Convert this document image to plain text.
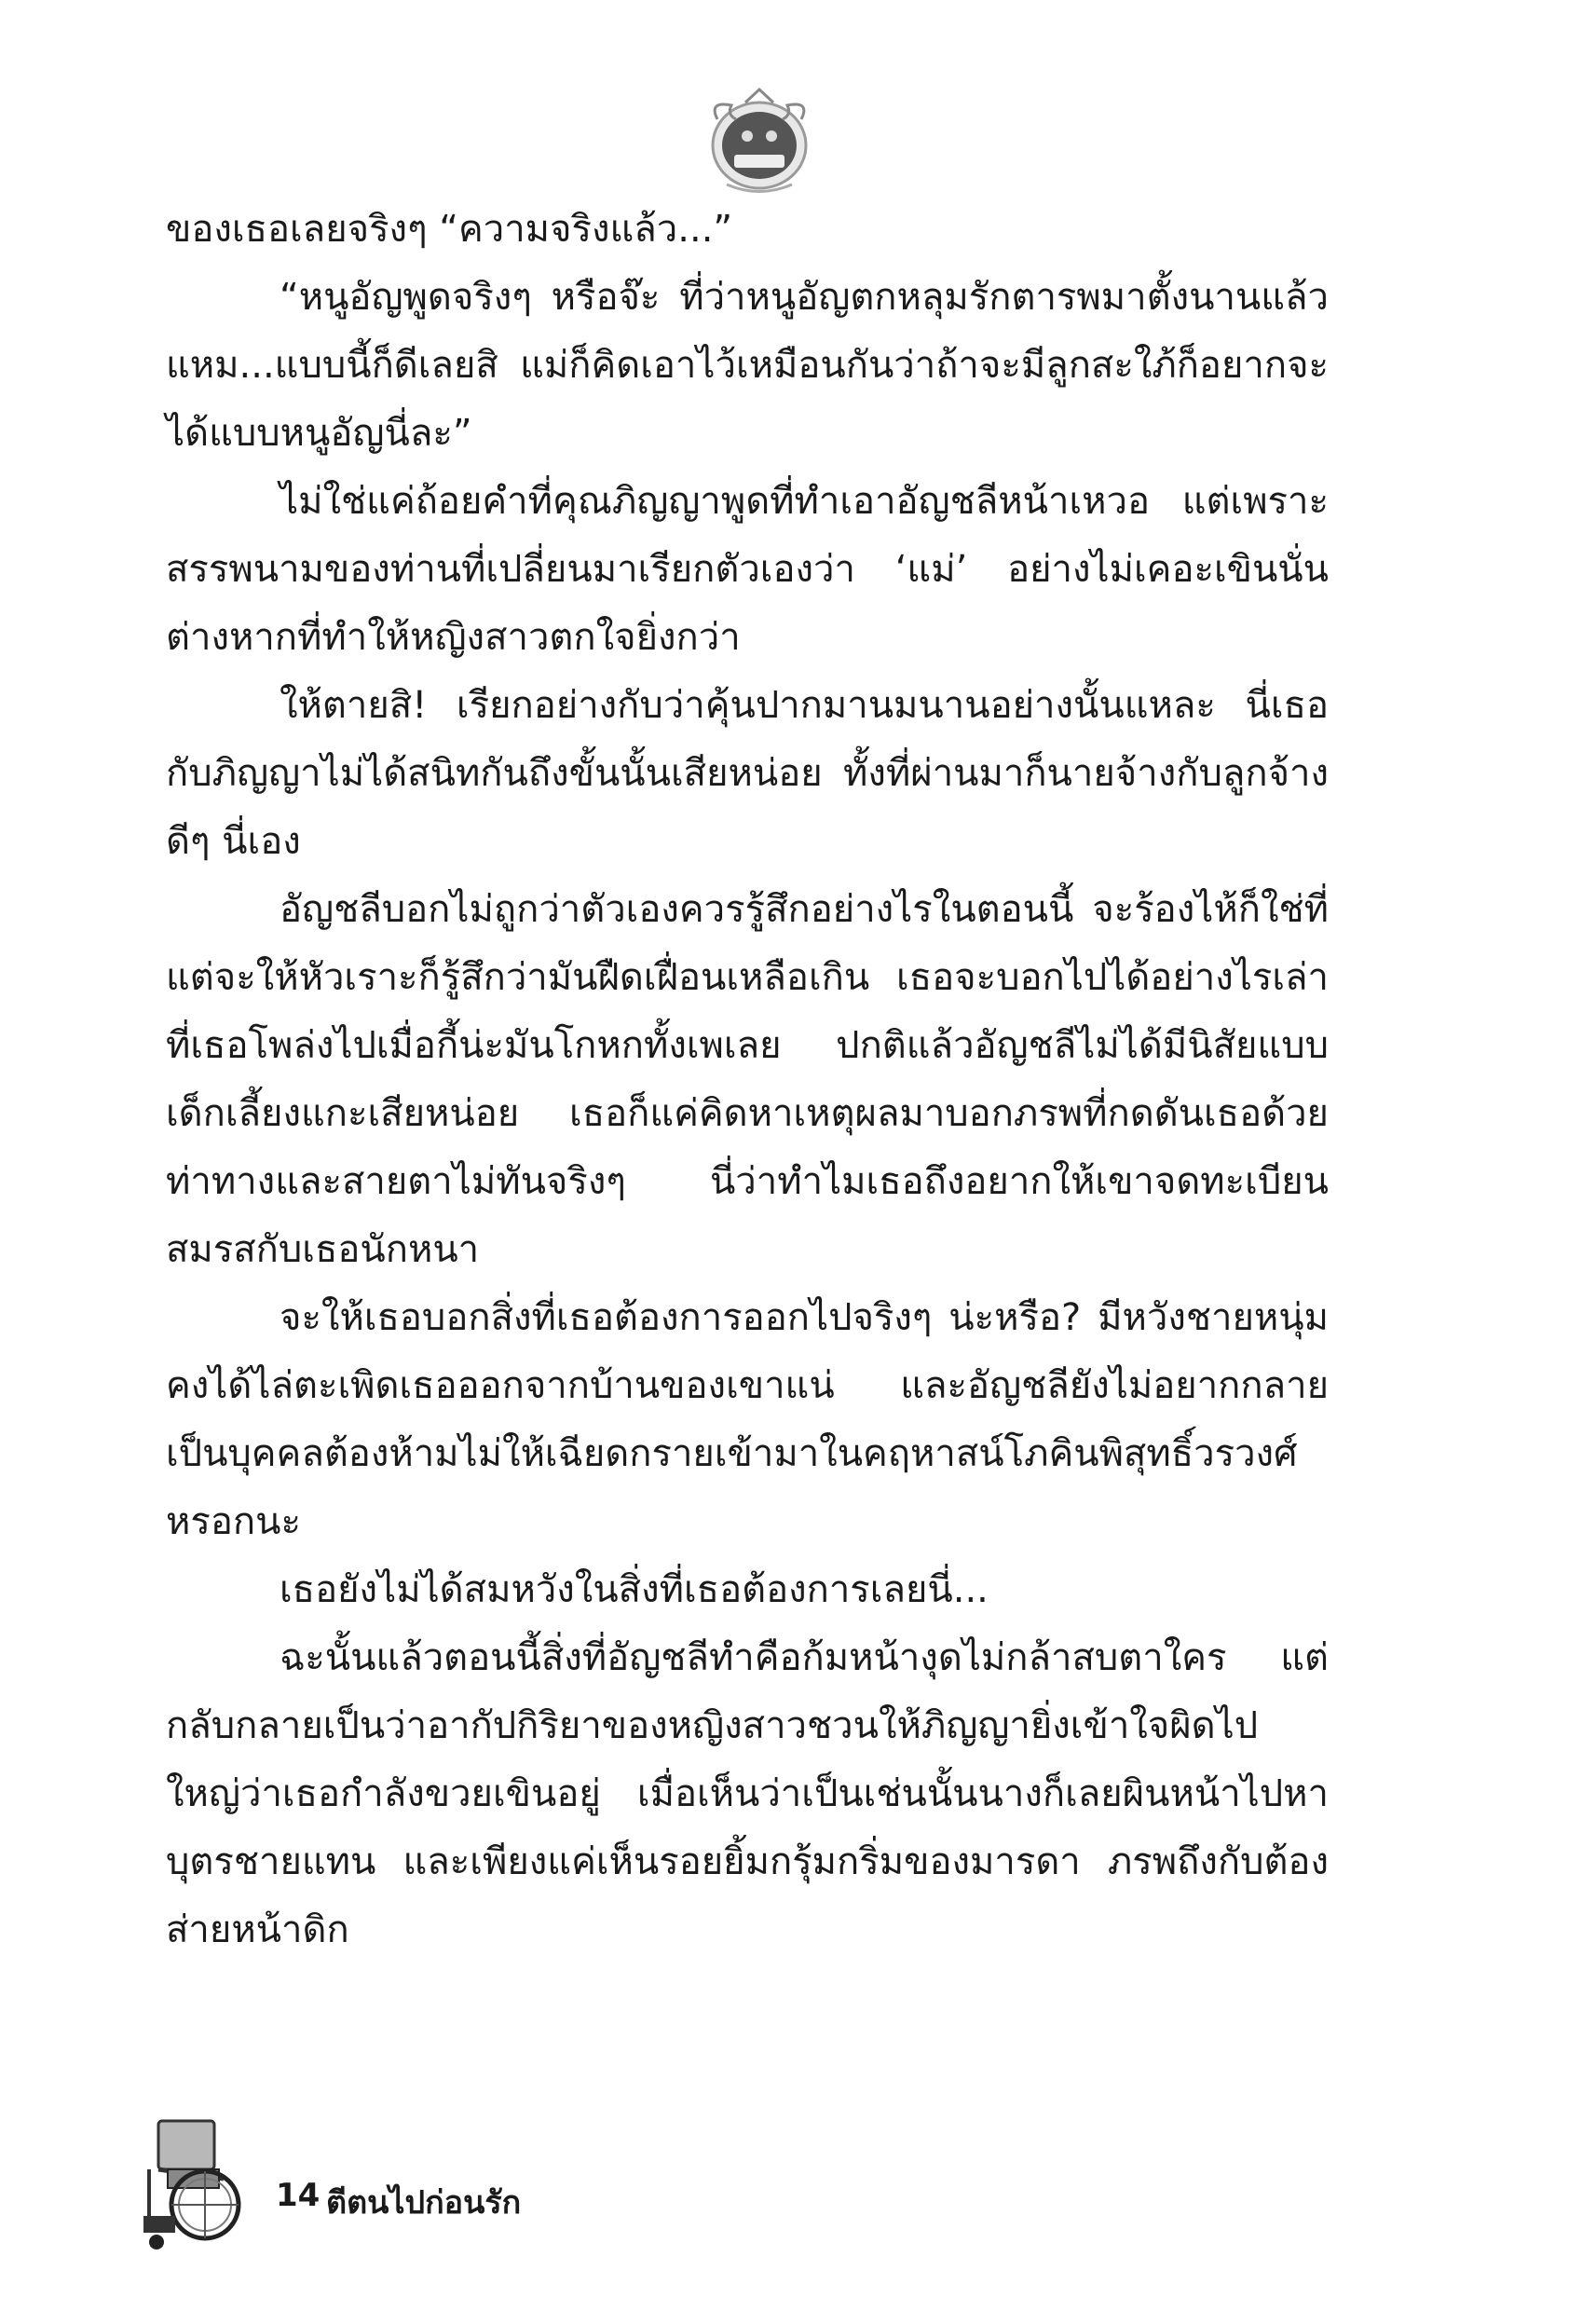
ของเธอเลยจริงๆ “ความจริงแล้ว...”

“หนูอัญพูดจริงๆ หรือจ๊ะ ที่ว่าหนูอัญตกหลุมรักตารพมาตั้งนานแล้ว แหม...แบบนี้ก็ดีเลยสิ แม่ก็คิดเอาไว้เหมือนกันว่าถ้าจะมีลูกสะใภ้ก็อยากจะได้แบบหนูอัญนี่ละ”

ไม่ใช่แค่ถ้อยคำที่คุณภิญญาพูดที่ทำเอาอัญชลีหน้าเหวอ แต่เพราะสรรพนามของท่านที่เปลี่ยนมาเรียกตัวเองว่า ‘แม่’ อย่างไม่เคอะเขินนั่นต่างหากที่ทำให้หญิงสาวตกใจยิ่งกว่า

ให้ตายสิ! เรียกอย่างกับว่าคุ้นปากมานมนานอย่างนั้นแหละ นี่เธอกับภิญญาไม่ได้สนิทกันถึงขั้นนั้นเสียหน่อย ทั้งที่ผ่านมาก็นายจ้างกับลูกจ้างดีๆ นี่เอง

อัญชลีบอกไม่ถูกว่าตัวเองควรรู้สึกอย่างไรในตอนนี้ จะร้องไห้ก็ใช่ที่ แต่จะให้หัวเราะก็รู้สึกว่ามันฝืดเฝื่อนเหลือเกิน เธอจะบอกไปได้อย่างไรเล่าที่เธอโพล่งไปเมื่อกี้น่ะมันโกหกทั้งเพเลย ปกติแล้วอัญชลีไม่ได้มีนิสัยแบบเด็กเลี้ยงแกะเสียหน่อย เธอก็แค่คิดหาเหตุผลมาบอกภรพที่กดดันเธอด้วยท่าทางและสายตาไม่ทันจริงๆ นี่ว่าทำไมเธอถึงอยากให้เขาจดทะเบียนสมรสกับเธอนักหนา

จะให้เธอบอกสิ่งที่เธอต้องการออกไปจริงๆ น่ะหรือ? มีหวังชายหนุ่มคงได้ไล่ตะเพิดเธอออกจากบ้านของเขาแน่ และอัญชลียังไม่อยากกลายเป็นบุคคลต้องห้ามไม่ให้เฉียดกรายเข้ามาในคฤหาสน์โภคินพิสุทธิ์วรวงศ์หรอกนะ

เธอยังไม่ได้สมหวังในสิ่งที่เธอต้องการเลยนี่...

ฉะนั้นแล้วตอนนี้สิ่งที่อัญชลีทำคือก้มหน้างุดไม่กล้าสบตาใคร แต่กลับกลายเป็นว่าอากัปกิริยาของหญิงสาวชวนให้ภิญญายิ่งเข้าใจผิดไปใหญ่ว่าเธอกำลังขวยเขินอยู่ เมื่อเห็นว่าเป็นเช่นนั้นนางก็เลยผินหน้าไปหาบุตรชายแทน และเพียงแค่เห็นรอยยิ้มกรุ้มกริ่มของมารดา ภรพถึงกับต้องส่ายหน้าดิก

14 ตีตนไปก่อนรัก
